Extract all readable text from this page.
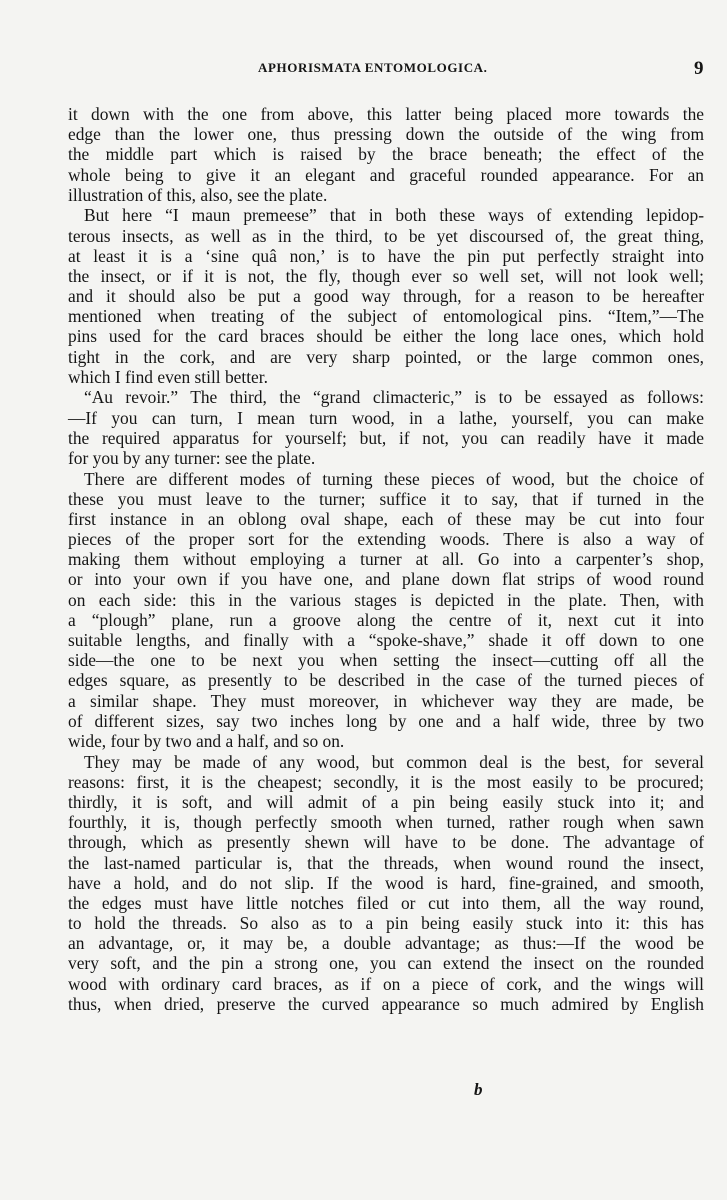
APHORISMATA ENTOMOLOGICA.	9
it down with the one from above, this latter being placed more towards the
edge than the lower one, thus pressing down the outside of the wing from
the middle part which is raised by the brace beneath; the effect of the
whole being to give it an elegant and graceful rounded appearance. For an
illustration of this, also, see the plate.
But here “I maun premeese” that in both these ways of extending lepidop-
terous insects, as well as in the third, to be yet discoursed of, the great thing,
at least it is a ‘sine quâ non,’ is to have the pin put perfectly straight into
the insect, or if it is not, the fly, though ever so well set, will not look well;
and it should also be put a good way through, for a reason to be hereafter
mentioned when treating of the subject of entomological pins. “Item,”—The
pins used for the card braces should be either the long lace ones, which hold
tight in the cork, and are very sharp pointed, or the large common ones,
which I find even still better.
“Au revoir.” The third, the “grand climacteric,” is to be essayed as follows:
—If you can turn, I mean turn wood, in a lathe, yourself, you can make
the required apparatus for yourself; but, if not, you can readily have it made
for you by any turner: see the plate.
There are different modes of turning these pieces of wood, but the choice of
these you must leave to the turner; suffice it to say, that if turned in the
first instance in an oblong oval shape, each of these may be cut into four
pieces of the proper sort for the extending woods. There is also a way of
making them without employing a turner at all. Go into a carpenter’s shop,
or into your own if you have one, and plane down flat strips of wood round
on each side: this in the various stages is depicted in the plate. Then, with
a “plough” plane, run a groove along the centre of it, next cut it into
suitable lengths, and finally with a “spoke-shave,” shade it off down to one
side—the one to be next you when setting the insect—cutting off all the
edges square, as presently to be described in the case of the turned pieces of
a similar shape. They must moreover, in whichever way they are made, be
of different sizes, say two inches long by one and a half wide, three by two
wide, four by two and a half, and so on.
They may be made of any wood, but common deal is the best, for several
reasons: first, it is the cheapest; secondly, it is the most easily to be procured;
thirdly, it is soft, and will admit of a pin being easily stuck into it; and
fourthly, it is, though perfectly smooth when turned, rather rough when sawn
through, which as presently shewn will have to be done. The advantage of
the last-named particular is, that the threads, when wound round the insect,
have a hold, and do not slip. If the wood is hard, fine-grained, and smooth,
the edges must have little notches filed or cut into them, all the way round,
to hold the threads. So also as to a pin being easily stuck into it: this has
an advantage, or, it may be, a double advantage; as thus:—If the wood be
very soft, and the pin a strong one, you can extend the insect on the rounded
wood with ordinary card braces, as if on a piece of cork, and the wings will
thus, when dried, preserve the curved appearance so much admired by English
b
